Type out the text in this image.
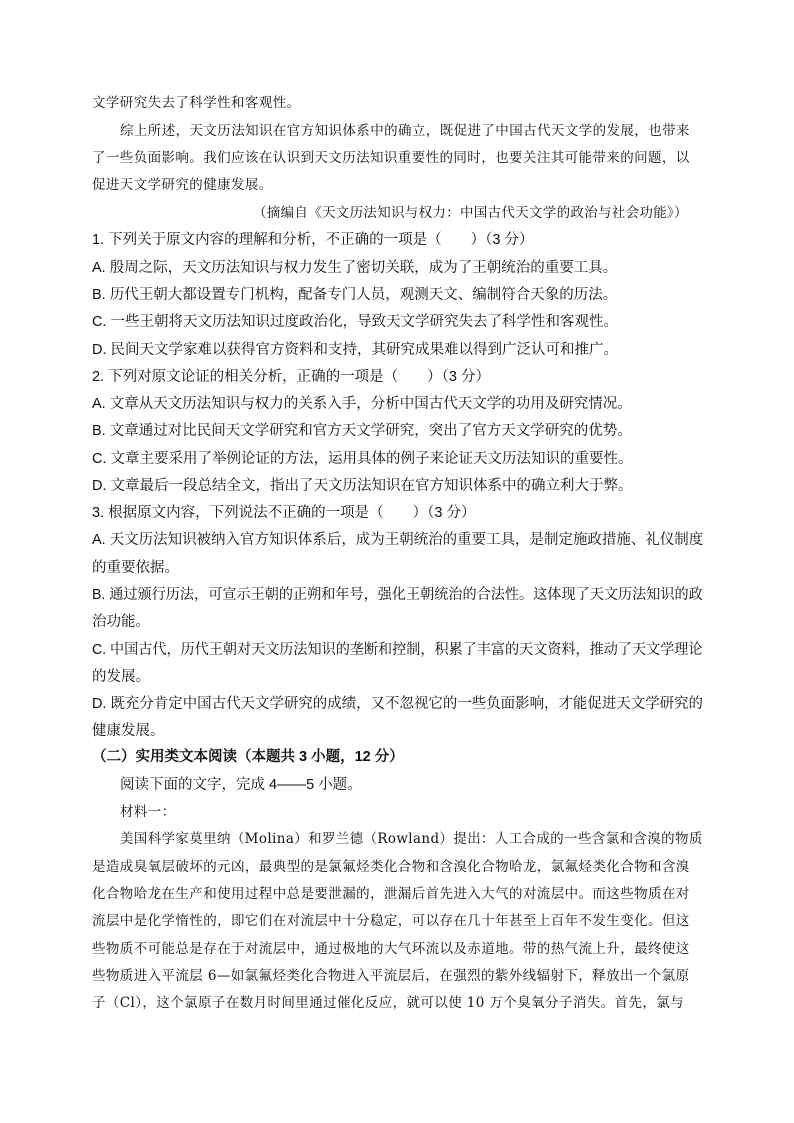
文学研究失去了科学性和客观性。
综上所述，天文历法知识在官方知识体系中的确立，既促进了中国古代天文学的发展，也带来
了一些负面影响。我们应该在认识到天文历法知识重要性的同时，也要关注其可能带来的问题，以
促进天文学研究的健康发展。
（摘编自《天文历法知识与权力：中国古代天文学的政治与社会功能》）
1. 下列关于原文内容的理解和分析，不正确的一项是（　　）（3 分）
A. 殷周之际，天文历法知识与权力发生了密切关联，成为了王朝统治的重要工具。
B. 历代王朝大都设置专门机构，配备专门人员，观测天文、编制符合天象的历法。
C. 一些王朝将天文历法知识过度政治化，导致天文学研究失去了科学性和客观性。
D. 民间天文学家难以获得官方资料和支持，其研究成果难以得到广泛认可和推广。
2. 下列对原文论证的相关分析，正确的一项是（　　）（3 分）
A. 文章从天文历法知识与权力的关系入手，分析中国古代天文学的功用及研究情况。
B. 文章通过对比民间天文学研究和官方天文学研究，突出了官方天文学研究的优势。
C. 文章主要采用了举例论证的方法，运用具体的例子来论证天文历法知识的重要性。
D. 文章最后一段总结全文，指出了天文历法知识在官方知识体系中的确立利大于弊。
3. 根据原文内容，下列说法不正确的一项是（　　）（3 分）
A. 天文历法知识被纳入官方知识体系后，成为王朝统治的重要工具，是制定施政措施、礼仪制度
的重要依据。
B. 通过颁行历法，可宣示王朝的正朔和年号，强化王朝统治的合法性。这体现了天文历法知识的政
治功能。
C. 中国古代，历代王朝对天文历法知识的垄断和控制，积累了丰富的天文资料，推动了天文学理论
的发展。
D. 既充分肯定中国古代天文学研究的成绩，又不忽视它的一些负面影响，才能促进天文学研究的
健康发展。
（二）实用类文本阅读（本题共 3 小题，12 分）
阅读下面的文字，完成 4——5 小题。
材料一：
美国科学家莫里纳（Molina）和罗兰德（Rowland）提出：人工合成的一些含氯和含溴的物质
是造成臭氧层破坏的元凶，最典型的是氯氟烃类化合物和含溴化合物哈龙，氯氟烃类化合物和含溴
化合物哈龙在生产和使用过程中总是要泄漏的，泄漏后首先进入大气的对流层中。而这些物质在对
流层中是化学惰性的，即它们在对流层中十分稳定，可以存在几十年甚至上百年不发生变化。但这
些物质不可能总是存在于对流层中，通过极地的大气环流以及赤道地。带的热气流上升，最终使这
些物质进入平流层 6—如氯氟烃类化合物进入平流层后，在强烈的紫外线辐射下，释放出一个氯原
子（Cl），这个氯原子在数月时间里通过催化反应，就可以使 10 万个臭氧分子消失。首先，氯与
